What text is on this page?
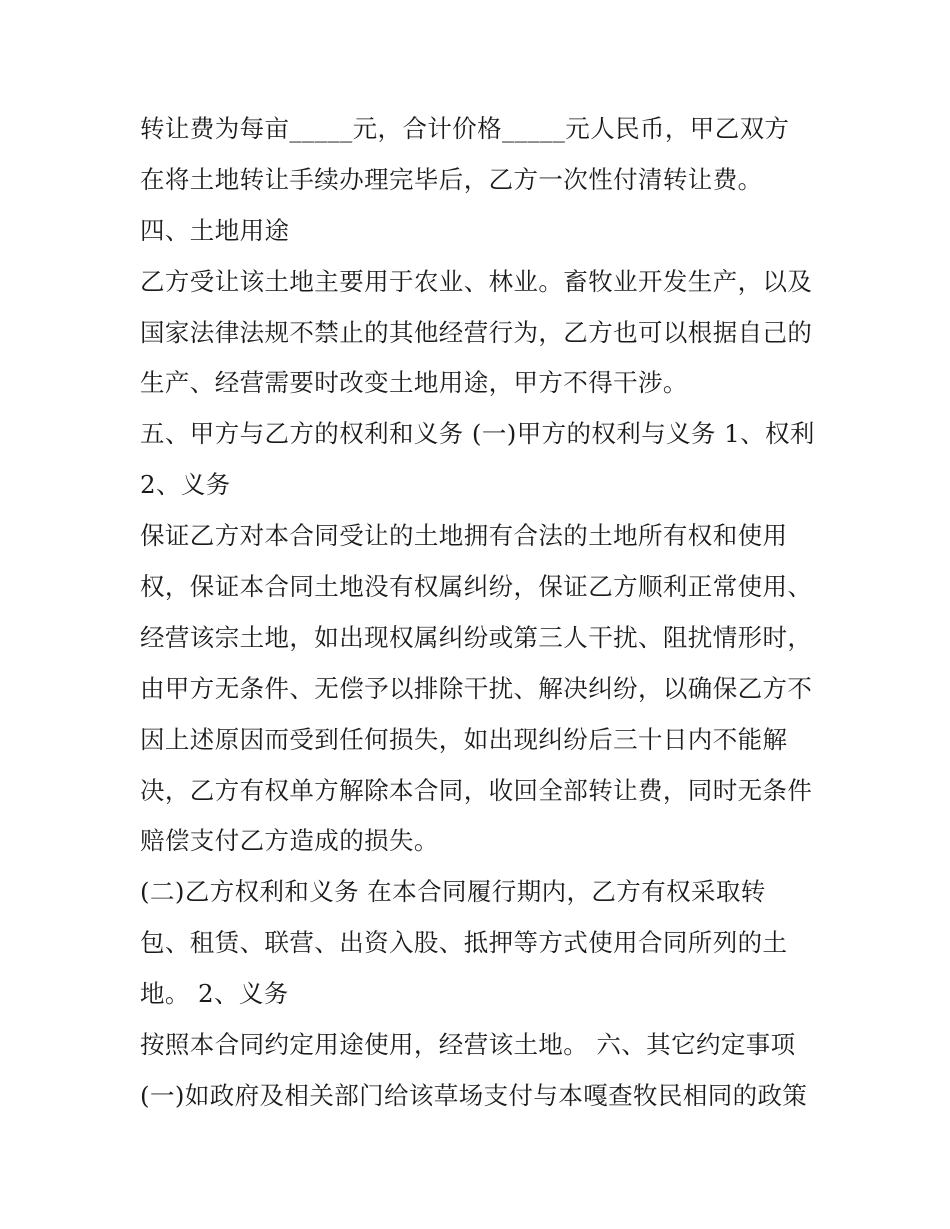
转让费为每亩_____元，合计价格_____元人民币，甲乙双方
在将土地转让手续办理完毕后，乙方一次性付清转让费。
四、土地用途
乙方受让该土地主要用于农业、林业。畜牧业开发生产，以及
国家法律法规不禁止的其他经营行为，乙方也可以根据自己的
生产、经营需要时改变土地用途，甲方不得干涉。
五、甲方与乙方的权利和义务 (一)甲方的权利与义务 1、权利
2、义务
保证乙方对本合同受让的土地拥有合法的土地所有权和使用
权，保证本合同土地没有权属纠纷，保证乙方顺利正常使用、
经营该宗土地，如出现权属纠纷或第三人干扰、阻扰情形时，
由甲方无条件、无偿予以排除干扰、解决纠纷，以确保乙方不
因上述原因而受到任何损失，如出现纠纷后三十日内不能解
决，乙方有权单方解除本合同，收回全部转让费，同时无条件
赔偿支付乙方造成的损失。
(二)乙方权利和义务 在本合同履行期内，乙方有权采取转
包、租赁、联营、出资入股、抵押等方式使用合同所列的土
地。 2、义务
按照本合同约定用途使用，经营该土地。 六、其它约定事项
(一)如政府及相关部门给该草场支付与本嘎查牧民相同的政策
